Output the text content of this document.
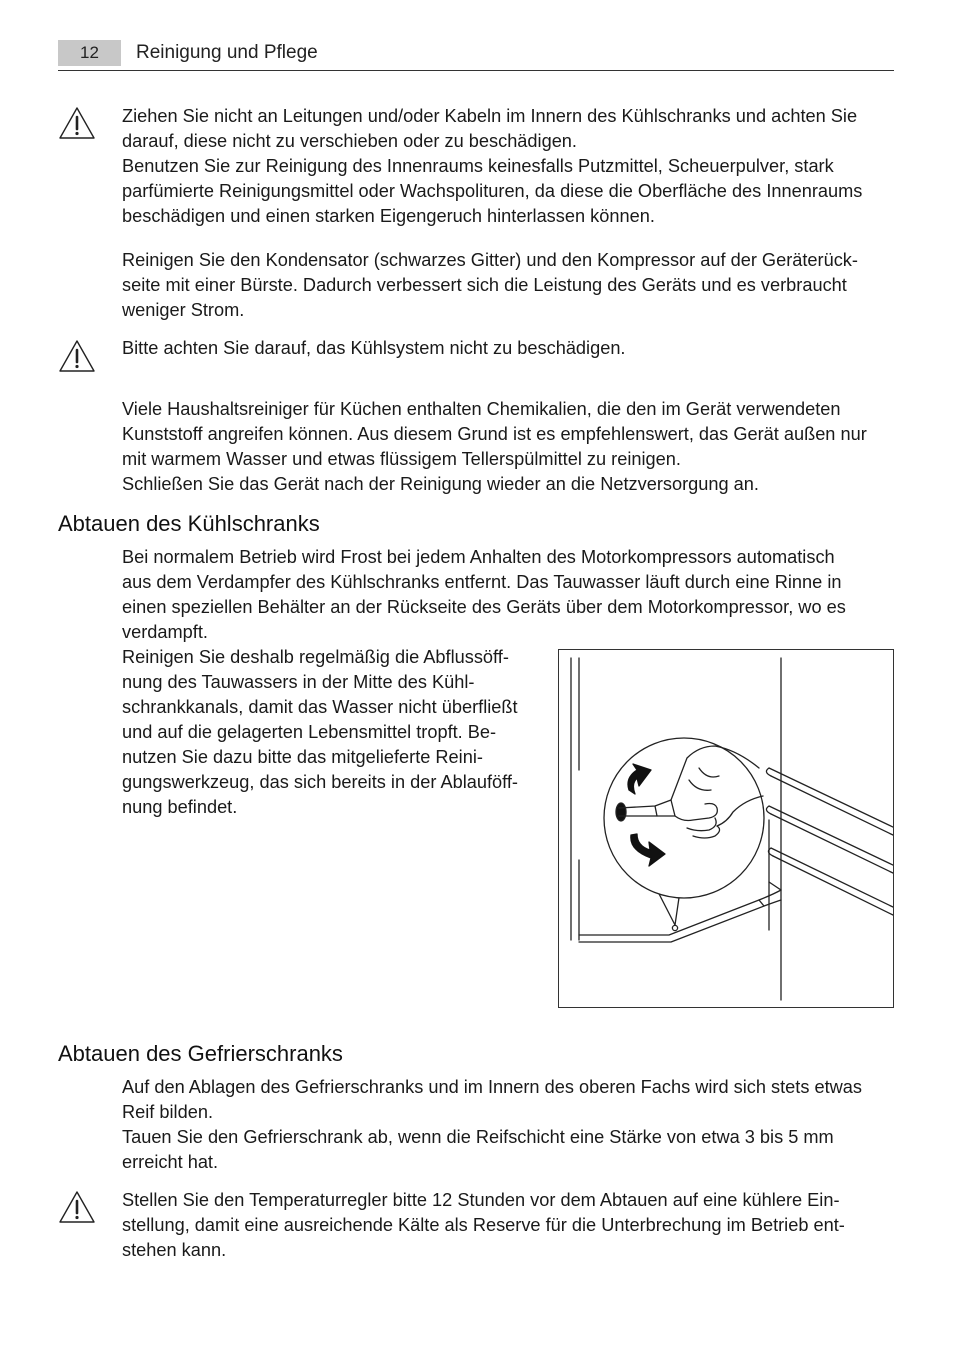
12	Reinigung und Pflege
Ziehen Sie nicht an Leitungen und/oder Kabeln im Innern des Kühlschranks und achten Sie
darauf, diese nicht zu verschieben oder zu beschädigen.
Benutzen Sie zur Reinigung des Innenraums keinesfalls Putzmittel, Scheuerpulver, stark
parfümierte Reinigungsmittel oder Wachspolituren, da diese die Oberfläche des Innenraums
beschädigen und einen starken Eigengeruch hinterlassen können.
Reinigen Sie den Kondensator (schwarzes Gitter) und den Kompressor auf der Geräterück-
seite mit einer Bürste. Dadurch verbessert sich die Leistung des Geräts und es verbraucht
weniger Strom.
Bitte achten Sie darauf, das Kühlsystem nicht zu beschädigen.
Viele Haushaltsreiniger für Küchen enthalten Chemikalien, die den im Gerät verwendeten
Kunststoff angreifen können. Aus diesem Grund ist es empfehlenswert, das Gerät außen nur
mit warmem Wasser und etwas flüssigem Tellerspülmittel zu reinigen.
Schließen Sie das Gerät nach der Reinigung wieder an die Netzversorgung an.
Abtauen des Kühlschranks
Bei normalem Betrieb wird Frost bei jedem Anhalten des Motorkompressors automatisch
aus dem Verdampfer des Kühlschranks entfernt. Das Tauwasser läuft durch eine Rinne in
einen speziellen Behälter an der Rückseite des Geräts über dem Motorkompressor, wo es
verdampft.
Reinigen Sie deshalb regelmäßig die Abflussöff-
nung des Tauwassers in der Mitte des Kühl-
schrankkanals, damit das Wasser nicht überfließt
und auf die gelagerten Lebensmittel tropft. Be-
nutzen Sie dazu bitte das mitgelieferte Reini-
gungswerkzeug, das sich bereits in der Ablauföff-
nung befindet.
Abtauen des Gefrierschranks
Auf den Ablagen des Gefrierschranks und im Innern des oberen Fachs wird sich stets etwas
Reif bilden.
Tauen Sie den Gefrierschrank ab, wenn die Reifschicht eine Stärke von etwa 3 bis 5 mm
erreicht hat.
Stellen Sie den Temperaturregler bitte 12 Stunden vor dem Abtauen auf eine kühlere Ein-
stellung, damit eine ausreichende Kälte als Reserve für die Unterbrechung im Betrieb ent-
stehen kann.
